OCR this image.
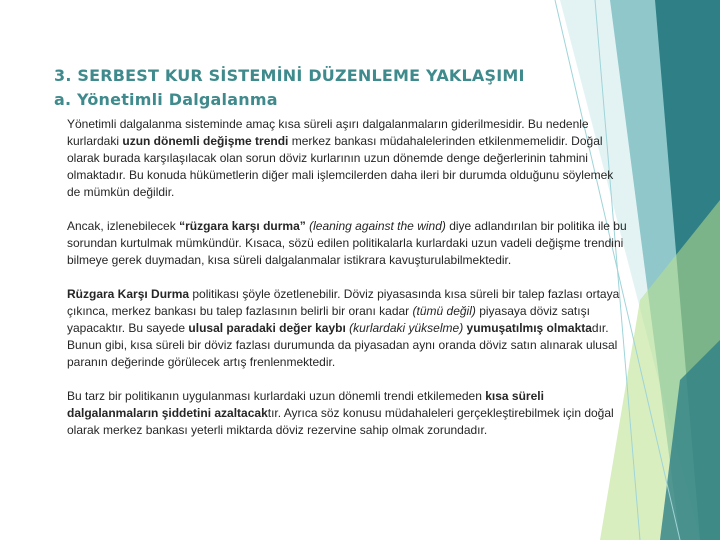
3. SERBEST KUR SİSTEMİNİ DÜZENLEME YAKLAŞIMI
a. Yönetimli Dalgalanma

Yönetimli dalgalanma sisteminde amaç kısa süreli aşırı dalgalanmaların giderilmesidir. Bu nedenle kurlardaki uzun dönemli değişme trendi merkez bankası müdahalelerinden etkilenmemelidir. Doğal olarak burada karşılaşılacak olan sorun döviz kurlarının uzun dönemde denge değerlerinin tahmini olmaktadır. Bu konuda hükümetlerin diğer mali işlemcilerden daha ileri bir durumda olduğunu söylemek de mümkün değildir.

Ancak, izlenebilecek “rüzgara karşı durma” (leaning against the wind) diye adlandırılan bir politika ile bu sorundan kurtulmak mümkündür. Kısaca, sözü edilen politikalarla kurlardaki uzun vadeli değişme trendini bilmeye gerek duymadan, kısa süreli dalgalanmalar istikrara kavuşturulabilmektedir.

Rüzgara Karşı Durma politikası şöyle özetlenebilir. Döviz piyasasında kısa süreli bir talep fazlası ortaya çıkınca, merkez bankası bu talep fazlasının belirli bir oranı kadar (tümü değil) piyasaya döviz satışı yapacaktır. Bu sayede ulusal paradaki değer kaybı (kurlardaki yükselme) yumuşatılmış olmaktadır. Bunun gibi, kısa süreli bir döviz fazlası durumunda da piyasadan aynı oranda döviz satın alınarak ulusal paranın değerinde görülecek artış frenlenmektedir.

Bu tarz bir politikanın uygulanması kurlardaki uzun dönemli trendi etkilemeden kısa süreli dalgalanmaların şiddetini azaltacaktır. Ayrıca söz konusu müdahaleleri gerçekleştirebilmek için doğal olarak merkez bankası yeterli miktarda döviz rezervine sahip olmak zorundadır.
